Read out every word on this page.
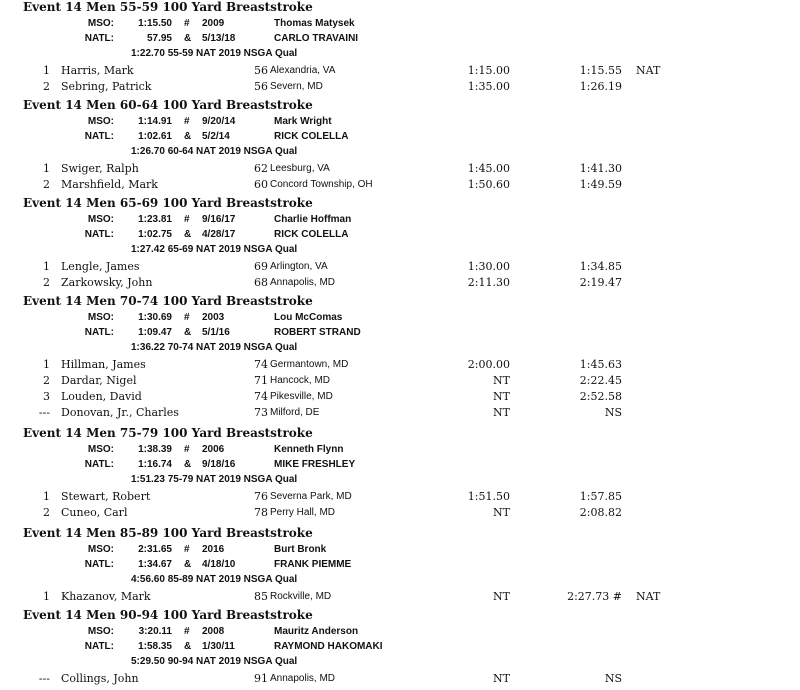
Event 14 Men 55-59 100 Yard Breaststroke
MSO:	1:15.50 # 2009	Thomas Matysek
NATL:	57.95 & 5/13/18	CARLO TRAVAINI
1:22.70 55-59 NAT 2019 NSGA Qual
1 Harris, Mark	56 Alexandria, VA	1:15.00	1:15.55 NAT
2 Sebring, Patrick	56 Severn, MD	1:35.00	1:26.19
Event 14 Men 60-64 100 Yard Breaststroke
MSO:	1:14.91 # 9/20/14	Mark Wright
NATL:	1:02.61 & 5/2/14	RICK COLELLA
1:26.70 60-64 NAT 2019 NSGA Qual
1 Swiger, Ralph	62 Leesburg, VA	1:45.00	1:41.30
2 Marshfield, Mark	60 Concord Township, OH	1:50.60	1:49.59
Event 14 Men 65-69 100 Yard Breaststroke
MSO:	1:23.81 # 9/16/17	Charlie Hoffman
NATL:	1:02.75 & 4/28/17	RICK COLELLA
1:27.42 65-69 NAT 2019 NSGA Qual
1 Lengle, James	69 Arlington, VA	1:30.00	1:34.85
2 Zarkowsky, John	68 Annapolis, MD	2:11.30	2:19.47
Event 14 Men 70-74 100 Yard Breaststroke
MSO:	1:30.69 # 2003	Lou McComas
NATL:	1:09.47 & 5/1/16	ROBERT STRAND
1:36.22 70-74 NAT 2019 NSGA Qual
1 Hillman, James	74 Germantown, MD	2:00.00	1:45.63
2 Dardar, Nigel	71 Hancock, MD	NT	2:22.45
3 Louden, David	74 Pikesville, MD	NT	2:52.58
--- Donovan, Jr., Charles	73 Milford, DE	NT	NS
Event 14 Men 75-79 100 Yard Breaststroke
MSO:	1:38.39 # 2006	Kenneth Flynn
NATL:	1:16.74 & 9/18/16	MIKE FRESHLEY
1:51.23 75-79 NAT 2019 NSGA Qual
1 Stewart, Robert	76 Severna Park, MD	1:51.50	1:57.85
2 Cuneo, Carl	78 Perry Hall, MD	NT	2:08.82
Event 14 Men 85-89 100 Yard Breaststroke
MSO:	2:31.65 # 2016	Burt Bronk
NATL:	1:34.67 & 4/18/10	FRANK PIEMME
4:56.60 85-89 NAT 2019 NSGA Qual
1 Khazanov, Mark	85 Rockville, MD	NT	2:27.73 # NAT
Event 14 Men 90-94 100 Yard Breaststroke
MSO:	3:20.11 # 2008	Mauritz Anderson
NATL:	1:58.35 & 1/30/11	RAYMOND HAKOMAKI
5:29.50 90-94 NAT 2019 NSGA Qual
--- Collings, John	91 Annapolis, MD	NT	NS
